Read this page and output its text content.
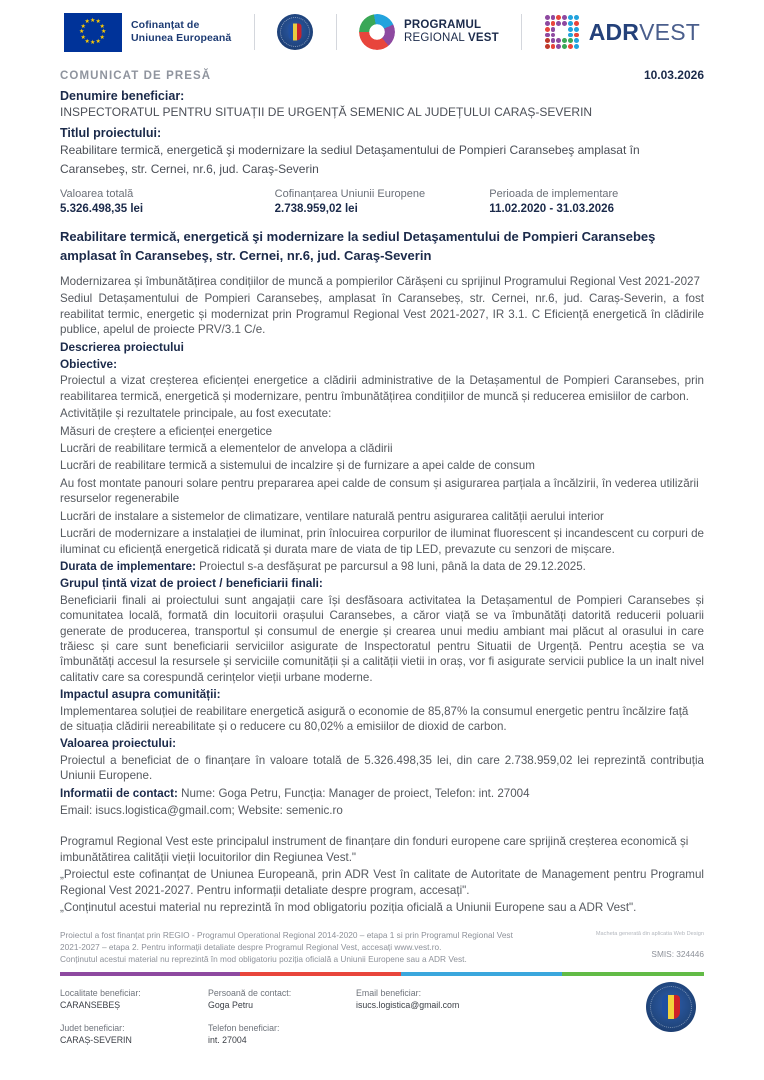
★ ★
★
★
★
★
★
★
★
★
★
★	Cofinanțat de
Uniunea Europeană
PROGRAMUL
REGIONAL VEST	ADRVEST
COMUNICAT DE PRESĂ	10.03.2026
Denumire beneficiar:

INSPECTORATUL PENTRU SITUAȚII DE URGENȚĂ SEMENIC AL JUDEȚULUI CARAȘ-SEVERIN

Titlul proiectului:

Reabilitare termică, energetică şi modernizare la sediul Detaşamentului de Pompieri Caransebeş amplasat în Caransebeş, str. Cernei, nr.6, jud. Caraş-Severin

Valoarea totală
5.326.498,35 lei
Cofinanțarea Uniunii Europene
2.738.959,02 lei
Perioada de implementare
11.02.2020 - 31.03.2026
Reabilitare termică, energetică şi modernizare la sediul Detaşamentului de Pompieri Caransebeş amplasat în Caransebeş, str. Cernei, nr.6, jud. Caraş-Severin

Modernizarea și îmbunătățirea condițiilor de muncă a pompierilor Cărășeni cu sprijinul Programului Regional Vest 2021-2027

Sediul Detașamentului de Pompieri Caransebeș, amplasat în Caransebeș, str. Cernei, nr.6, jud. Caraș-Severin, a fost reabilitat termic, energetic și modernizat prin Programul Regional Vest 2021-2027, IR 3.1. C Eficiență energetică în clădirile publice, apelul de proiecte PRV/3.1 C/e.

Descrierea proiectului
Obiective:

Proiectul a vizat creșterea eficienței energetice a clădirii administrative de la Detașamentul de Pompieri Caransebes, prin reabilitarea termică, energetică și modernizare, pentru îmbunătățirea condițiilor de muncă și reducerea emisiilor de carbon.

Activitățile și rezultatele principale, au fost executate:

Măsuri de creștere a eficienței energetice

Lucrări de reabilitare termică a elementelor de anvelopa a clădirii

Lucrări de reabilitare termică a sistemului de incalzire și de furnizare a apei calde de consum

Au fost montate panouri solare pentru prepararea apei calde de consum și asigurarea parțiala a încălzirii, în vederea utilizării resurselor regenerabile

Lucrări de instalare a sistemelor de climatizare, ventilare naturală pentru asigurarea calității aerului interior

Lucrări de modernizare a instalației de iluminat, prin înlocuirea corpurilor de iluminat fluorescent și incandescent cu corpuri de iluminat cu eficiență energetică ridicată și durata mare de viata de tip LED, prevazute cu senzori de mișcare.

Durata de implementare: Proiectul s-a desfășurat pe parcursul a 98 luni, până la data de 29.12.2025.

Grupul țintă vizat de proiect / beneficiarii finali:

Beneficiarii finali ai proiectului sunt angajații care își desfăsoara activitatea la Detașamentul de Pompieri Caransebes și comunitatea locală, formată din locuitorii orașului Caransebes, a căror viață se va îmbunătăți datorită reducerii poluarii generate de producerea, transportul și consumul de energie și crearea unui mediu ambiant mai plăcut al orasului in care trăiesc și care sunt beneficiarii serviciilor asigurate de Inspectoratul pentru Situatii de Urgență. Pentru aceștia se va îmbunătăți accesul la resursele și serviciile comunității și a calității vietii in oraș, vor fi asigurate servicii publice la un inalt nivel calitativ care sa corespundă cerințelor vieții urbane moderne.

Impactul asupra comunității:

Implementarea soluției de reabilitare energetică asigură o economie de 85,87% la consumul energetic pentru încălzire față de situația clădirii nereabilitate și o reducere cu 80,02% a emisiilor de dioxid de carbon.

Valoarea proiectului:

Proiectul a beneficiat de o finanțare în valoare totală de 5.326.498,35 lei, din care 2.738.959,02 lei reprezintă contribuția Uniunii Europene.

Informatii de contact: Nume: Goga Petru, Funcția: Manager de proiect, Telefon: int. 27004

Email: isucs.logistica@gmail.com; Website: semenic.ro

Programul Regional Vest este principalul instrument de finanțare din fonduri europene care sprijină creșterea economică și imbunătătirea calității vieții locuitorilor din Regiunea Vest."

„Proiectul este cofinanțat de Uniunea Europeană, prin ADR Vest în calitate de Autoritate de Management pentru Programul Regional Vest 2021-2027. Pentru informații detaliate despre program, accesați".

„Conținutul acestui material nu reprezintă în mod obligatoriu poziția oficială a Uniunii Europene sau a ADR Vest".

Proiectul a fost finanțat prin REGIO - Programul Operational Regional 2014-2020 – etapa 1 si prin Programul Regional Vest
2021-2027 – etapa 2. Pentru informații detaliate despre Programul Regional Vest, accesați www.vest.ro.
Conținutul acestui material nu reprezintă în mod obligatoriu poziția oficială a Uniunii Europene sau a ADR Vest.
Macheta generată din aplicatia Web Design
SMIS: 324446
Localitate beneficiar:
CARANSEBEȘ
Persoană de contact:
Goga Petru
Email beneficiar:
isucs.logistica@gmail.com
Judet beneficiar:
CARAȘ-SEVERIN
Telefon beneficiar:
int. 27004
